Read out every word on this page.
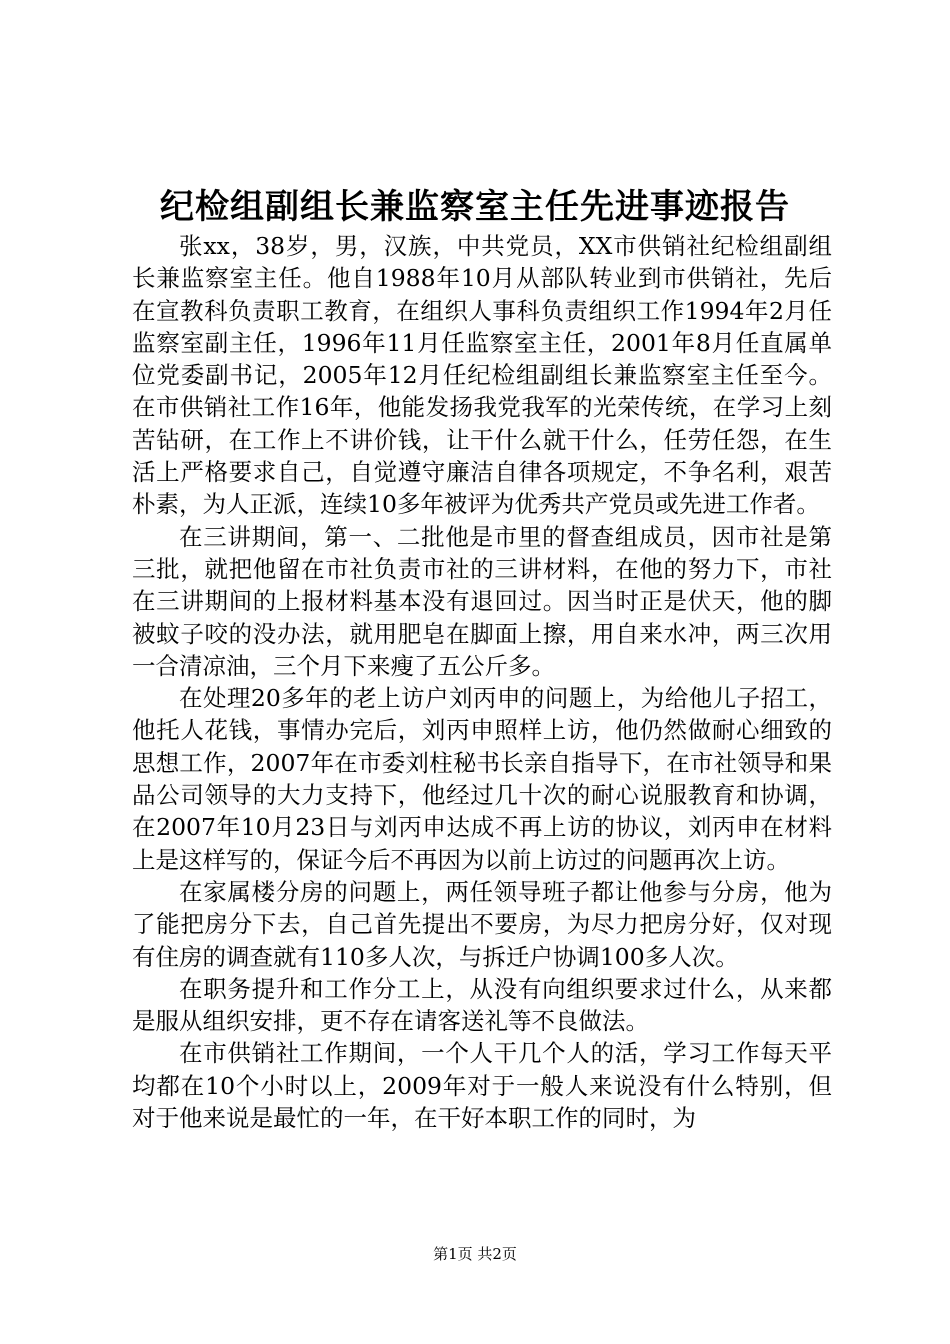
纪检组副组长兼监察室主任先进事迹报告

张xx，38岁，男，汉族，中共党员，XX市供销社纪检组副组长兼监察室主任。他自1988年10月从部队转业到市供销社，先后在宣教科负责职工教育，在组织人事科负责组织工作1994年2月任监察室副主任，1996年11月任监察室主任，2001年8月任直属单位党委副书记，2005年12月任纪检组副组长兼监察室主任至今。在市供销社工作16年，他能发扬我党我军的光荣传统，在学习上刻苦钻研，在工作上不讲价钱，让干什么就干什么，任劳任怨，在生活上严格要求自己，自觉遵守廉洁自律各项规定，不争名利，艰苦朴素，为人正派，连续10多年被评为优秀共产党员或先进工作者。

在三讲期间，第一、二批他是市里的督查组成员，因市社是第三批，就把他留在市社负责市社的三讲材料，在他的努力下，市社在三讲期间的上报材料基本没有退回过。因当时正是伏天，他的脚被蚊子咬的没办法，就用肥皂在脚面上擦，用自来水冲，两三次用一合清凉油，三个月下来瘦了五公斤多。

在处理20多年的老上访户刘丙申的问题上，为给他儿子招工，他托人花钱，事情办完后，刘丙申照样上访，他仍然做耐心细致的思想工作，2007年在市委刘柱秘书长亲自指导下，在市社领导和果品公司领导的大力支持下，他经过几十次的耐心说服教育和协调，在2007年10月23日与刘丙申达成不再上访的协议，刘丙申在材料上是这样写的，保证今后不再因为以前上访过的问题再次上访。

在家属楼分房的问题上，两任领导班子都让他参与分房，他为了能把房分下去，自己首先提出不要房，为尽力把房分好，仅对现有住房的调查就有110多人次，与拆迁户协调100多人次。

在职务提升和工作分工上，从没有向组织要求过什么，从来都是服从组织安排，更不存在请客送礼等不良做法。

在市供销社工作期间，一个人干几个人的活，学习工作每天平均都在10个小时以上，2009年对于一般人来说没有什么特别，但对于他来说是最忙的一年，在干好本职工作的同时，为

第1页 共2页
